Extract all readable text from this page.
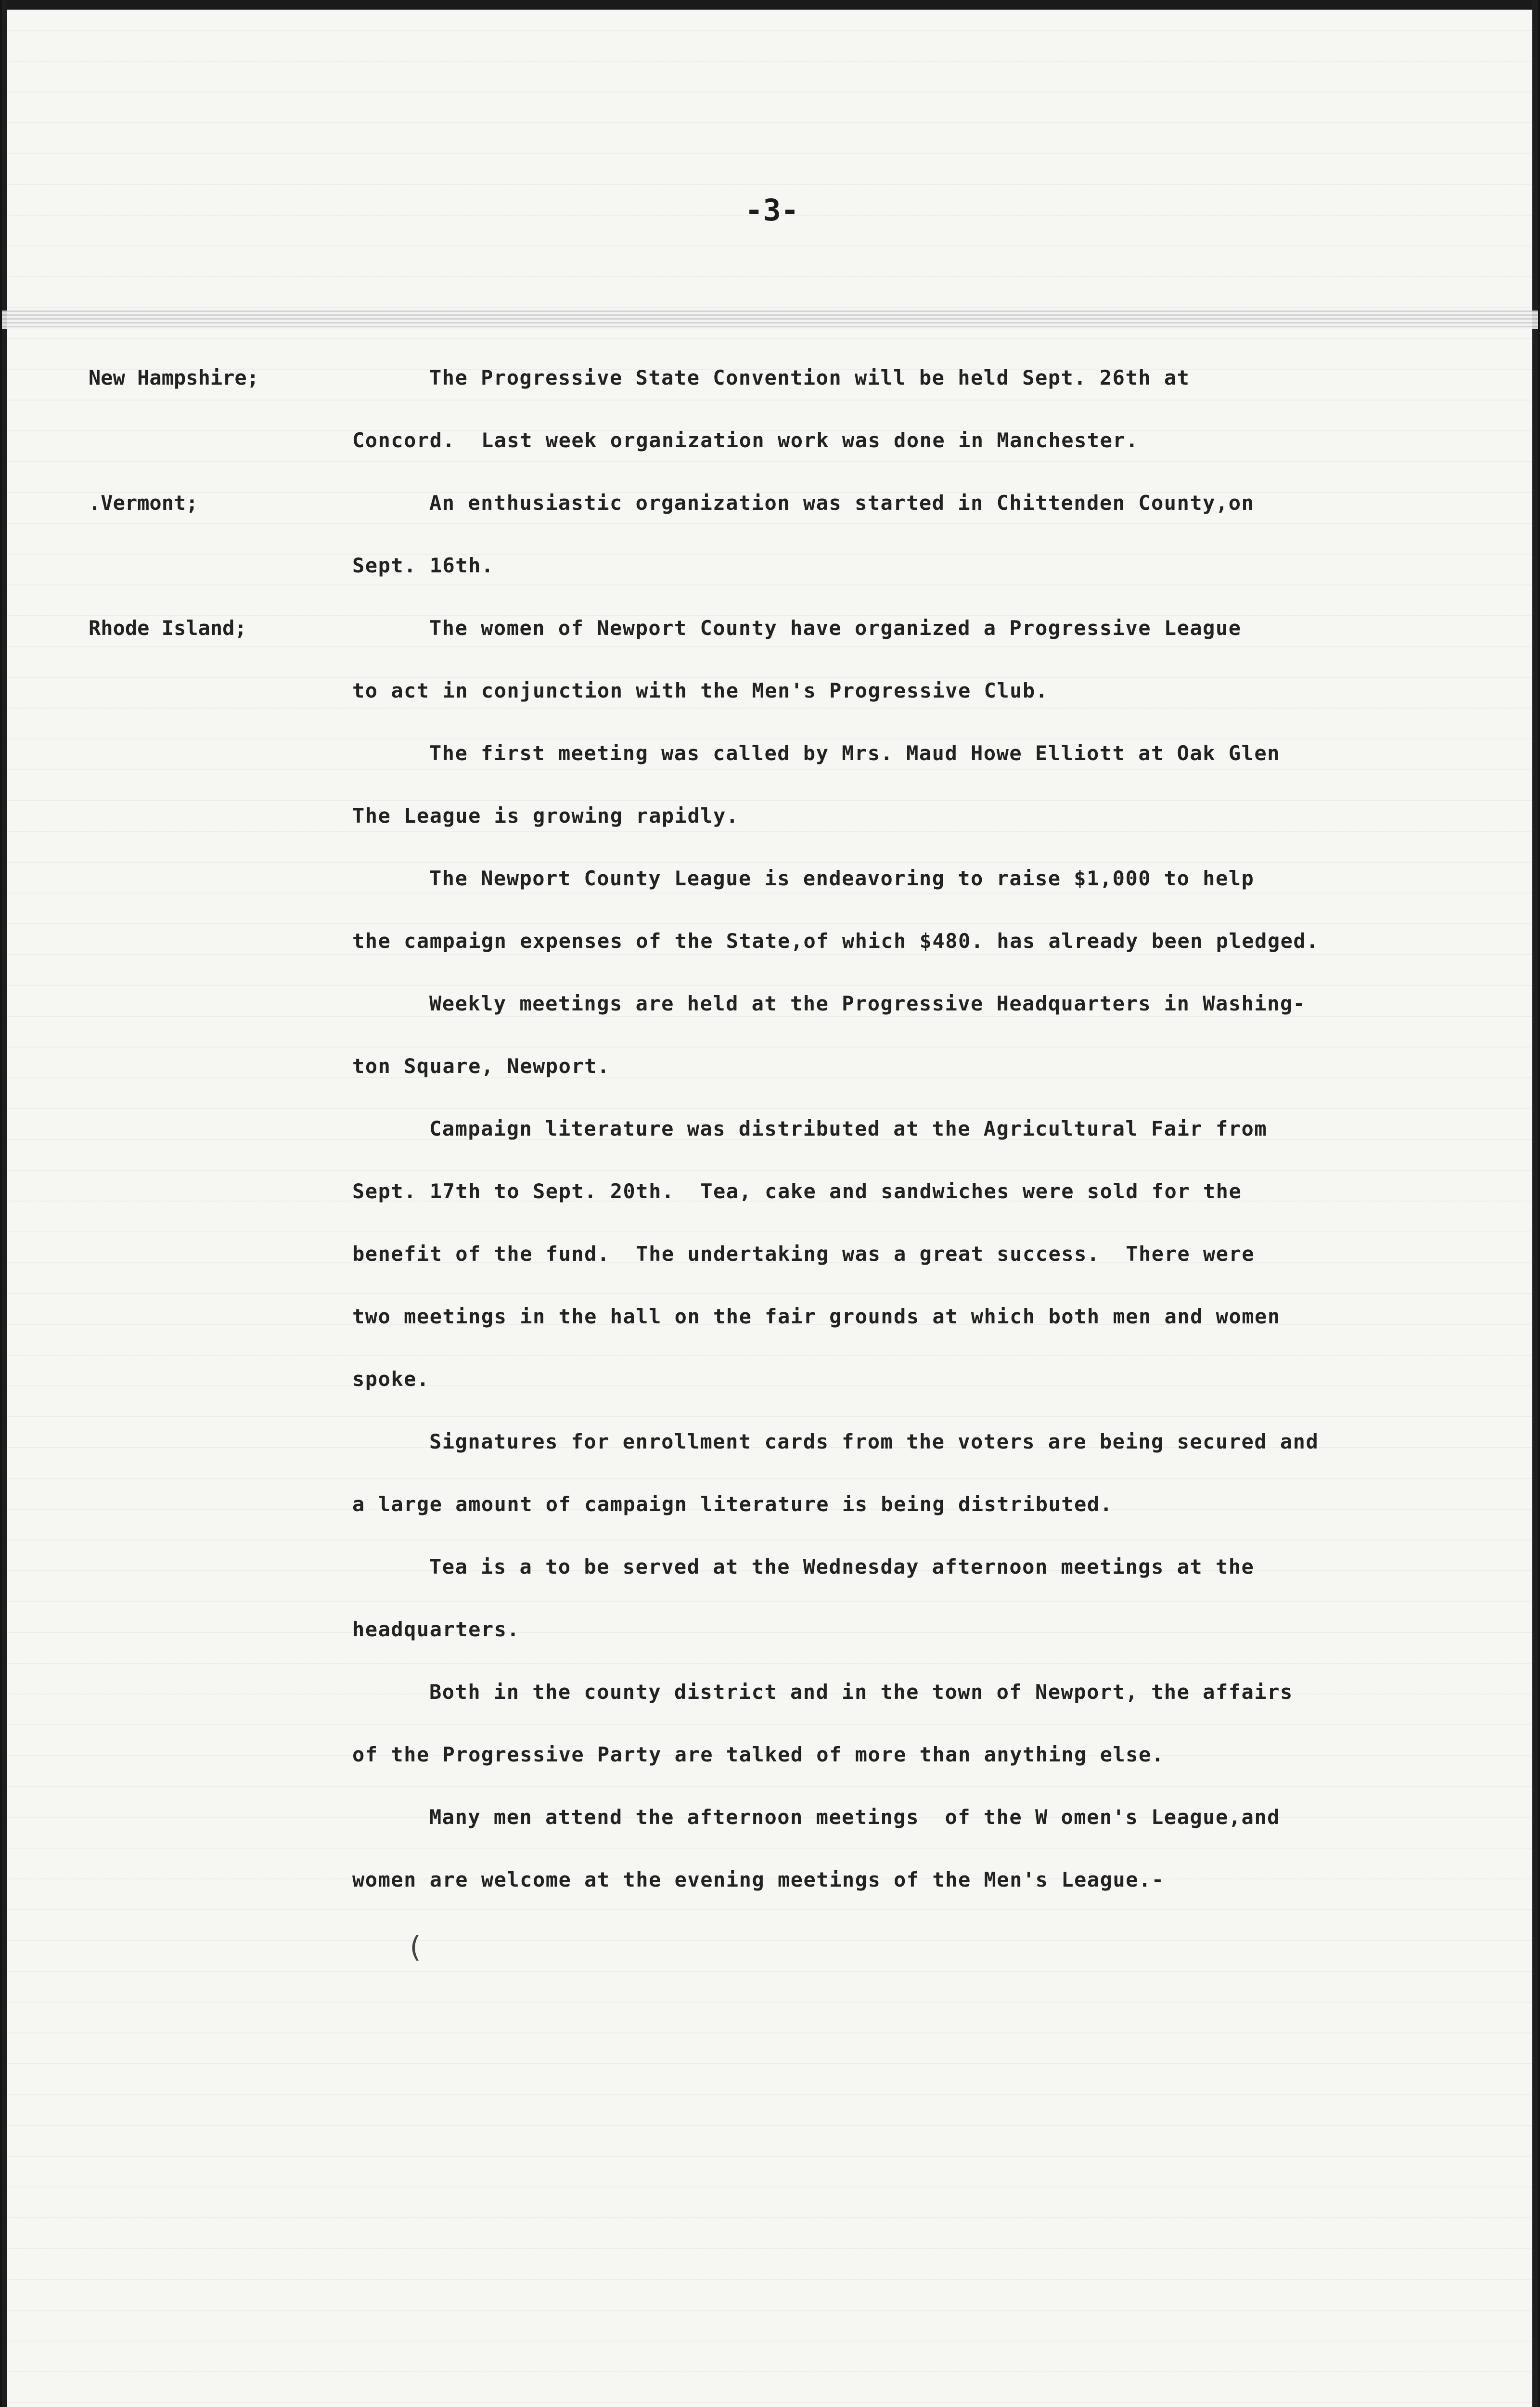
-3-
New Hampshire;
.Vermont;
Rhode Island;
The Progressive State Convention will be held Sept. 26th at
Concord.  Last week organization work was done in Manchester.
An enthusiastic organization was started in Chittenden County,on
Sept. 16th.
The women of Newport County have organized a Progressive League
to act in conjunction with the Men's Progressive Club.
The first meeting was called by Mrs. Maud Howe Elliott at Oak Glen
The League is growing rapidly.
The Newport County League is endeavoring to raise $1,000 to help
the campaign expenses of the State,of which $480. has already been pledged.
Weekly meetings are held at the Progressive Headquarters in Washing-
ton Square, Newport.
Campaign literature was distributed at the Agricultural Fair from
Sept. 17th to Sept. 20th.  Tea, cake and sandwiches were sold for the
benefit of the fund.  The undertaking was a great success.  There were
two meetings in the hall on the fair grounds at which both men and women
spoke.
Signatures for enrollment cards from the voters are being secured and
a large amount of campaign literature is being distributed.
Tea is a to be served at the Wednesday afternoon meetings at the
headquarters.
Both in the county district and in the town of Newport, the affairs
of the Progressive Party are talked of more than anything else.
Many men attend the afternoon meetings  of the W omen's League,and
women are welcome at the evening meetings of the Men's League.-
(
